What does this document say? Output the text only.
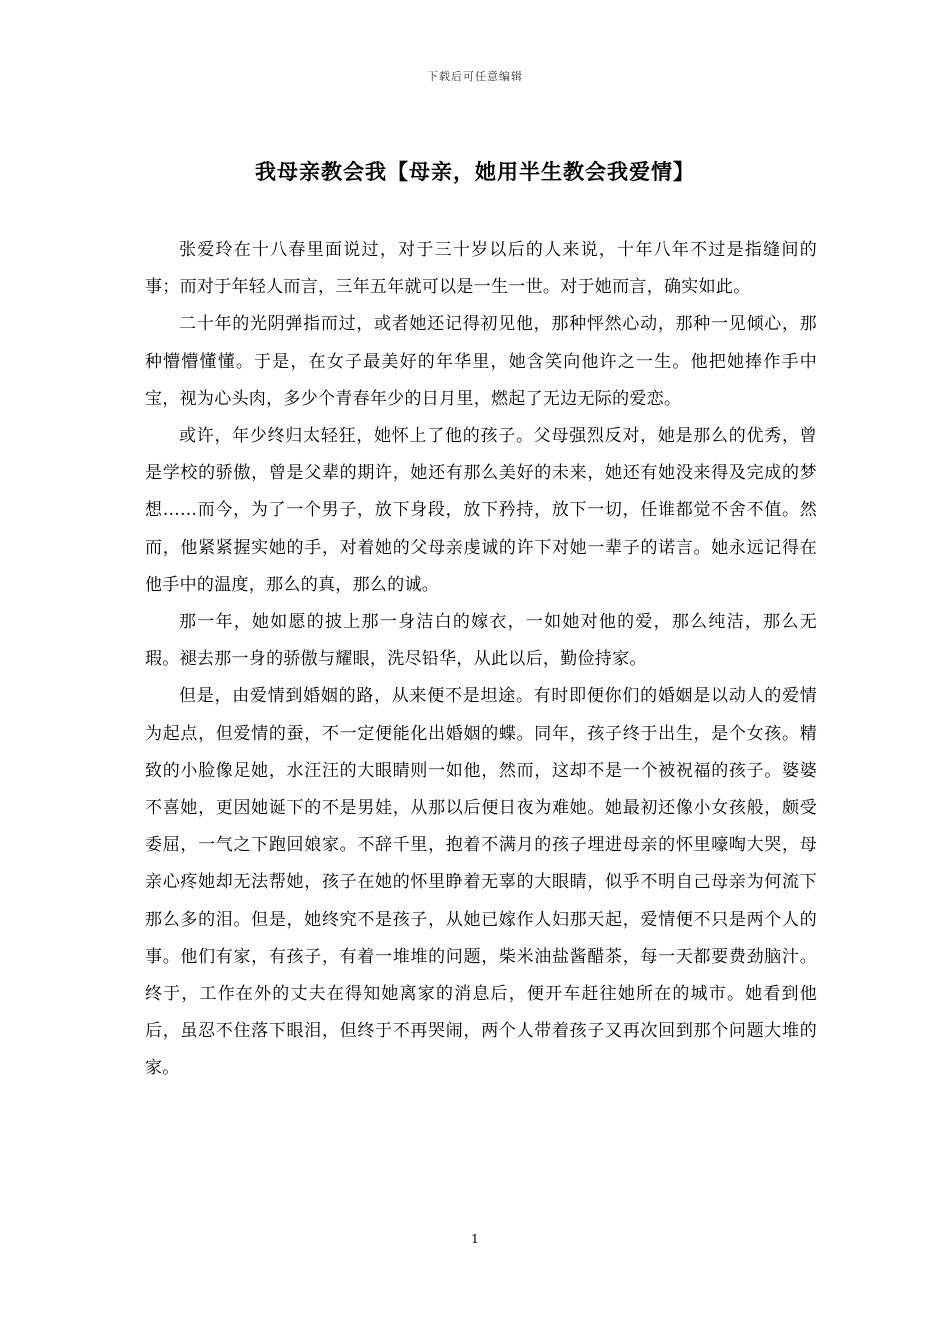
下载后可任意编辑
我母亲教会我【母亲，她用半生教会我爱情】

张爱玲在十八春里面说过，对于三十岁以后的人来说，十年八年不过是指缝间的事；而对于年轻人而言，三年五年就可以是一生一世。对于她而言，确实如此。

二十年的光阴弹指而过，或者她还记得初见他，那种怦然心动，那种一见倾心，那种懵懵懂懂。于是，在女子最美好的年华里，她含笑向他许之一生。他把她捧作手中宝，视为心头肉，多少个青春年少的日月里，燃起了无边无际的爱恋。

或许，年少终归太轻狂，她怀上了他的孩子。父母强烈反对，她是那么的优秀，曾是学校的骄傲，曾是父辈的期许，她还有那么美好的未来，她还有她没来得及完成的梦想……而今，为了一个男子，放下身段，放下矜持，放下一切，任谁都觉不舍不值。然而，他紧紧握实她的手，对着她的父母亲虔诚的许下对她一辈子的诺言。她永远记得在他手中的温度，那么的真，那么的诚。

那一年，她如愿的披上那一身洁白的嫁衣，一如她对他的爱，那么纯洁，那么无瑕。褪去那一身的骄傲与耀眼，洗尽铅华，从此以后，勤俭持家。

但是，由爱情到婚姻的路，从来便不是坦途。有时即便你们的婚姻是以动人的爱情为起点，但爱情的蚕，不一定便能化出婚姻的蝶。同年，孩子终于出生，是个女孩。精致的小脸像足她，水汪汪的大眼睛则一如他，然而，这却不是一个被祝福的孩子。婆婆不喜她，更因她诞下的不是男娃，从那以后便日夜为难她。她最初还像小女孩般，颇受委屈，一气之下跑回娘家。不辞千里，抱着不满月的孩子埋进母亲的怀里嚎啕大哭，母亲心疼她却无法帮她，孩子在她的怀里睁着无辜的大眼睛，似乎不明自己母亲为何流下那么多的泪。但是，她终究不是孩子，从她已嫁作人妇那天起，爱情便不只是两个人的事。他们有家，有孩子，有着一堆堆的问题，柴米油盐酱醋茶，每一天都要费劲脑汁。终于，工作在外的丈夫在得知她离家的消息后，便开车赶往她所在的城市。她看到他后，虽忍不住落下眼泪，但终于不再哭闹，两个人带着孩子又再次回到那个问题大堆的家。

1
